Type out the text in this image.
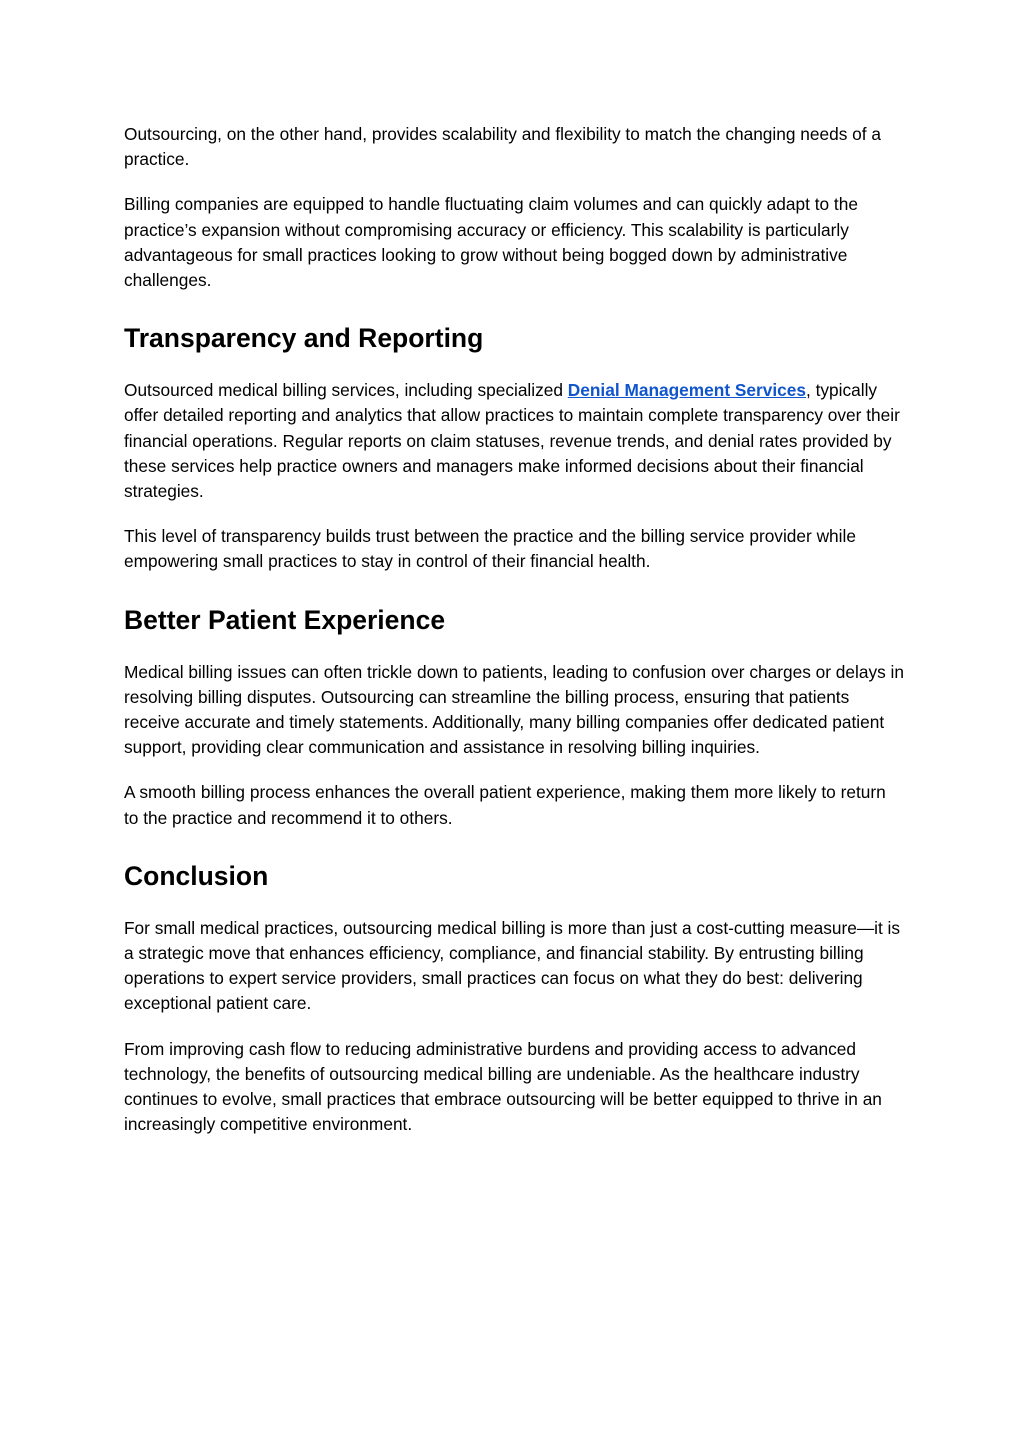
Outsourcing, on the other hand, provides scalability and flexibility to match the changing needs of a practice.

Billing companies are equipped to handle fluctuating claim volumes and can quickly adapt to the practice’s expansion without compromising accuracy or efficiency. This scalability is particularly advantageous for small practices looking to grow without being bogged down by administrative challenges.

Transparency and Reporting

Outsourced medical billing services, including specialized Denial Management Services, typically offer detailed reporting and analytics that allow practices to maintain complete transparency over their financial operations. Regular reports on claim statuses, revenue trends, and denial rates provided by these services help practice owners and managers make informed decisions about their financial strategies.

This level of transparency builds trust between the practice and the billing service provider while empowering small practices to stay in control of their financial health.

Better Patient Experience

Medical billing issues can often trickle down to patients, leading to confusion over charges or delays in resolving billing disputes. Outsourcing can streamline the billing process, ensuring that patients receive accurate and timely statements. Additionally, many billing companies offer dedicated patient support, providing clear communication and assistance in resolving billing inquiries.

A smooth billing process enhances the overall patient experience, making them more likely to return to the practice and recommend it to others.

Conclusion

For small medical practices, outsourcing medical billing is more than just a cost-cutting measure—it is a strategic move that enhances efficiency, compliance, and financial stability. By entrusting billing operations to expert service providers, small practices can focus on what they do best: delivering exceptional patient care.

From improving cash flow to reducing administrative burdens and providing access to advanced technology, the benefits of outsourcing medical billing are undeniable. As the healthcare industry continues to evolve, small practices that embrace outsourcing will be better equipped to thrive in an increasingly competitive environment.
